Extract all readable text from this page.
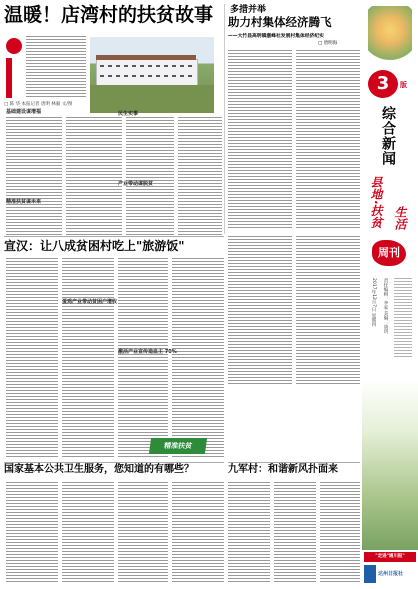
温暖！店湾村的扶贫故事
□ 陈 华 本报记者 唐明 林毅 文/图
基础建设谋增福	民生实事
产业带动谋脱贫
精准扶贫谋未来
多措并举
助力村集体经济腾飞
——大竹县高明镇塞峰社发展村集体经济纪实
□ 唐明海
宣汉：让八成贫困村吃上"旅游饭"
蛋鸡产业带动贫困户增收
激活产业宣传造血主 70%
精准扶贫
国家基本公共卫生服务，您知道的有哪些？	九军村：和谐新风扑面来
3	版
综合新闻
县地·扶贫 生活
周刊
2017年12月7日 星期四 责任编辑：李家 美编：唐玥
"走进"通川报"
达州日报社
